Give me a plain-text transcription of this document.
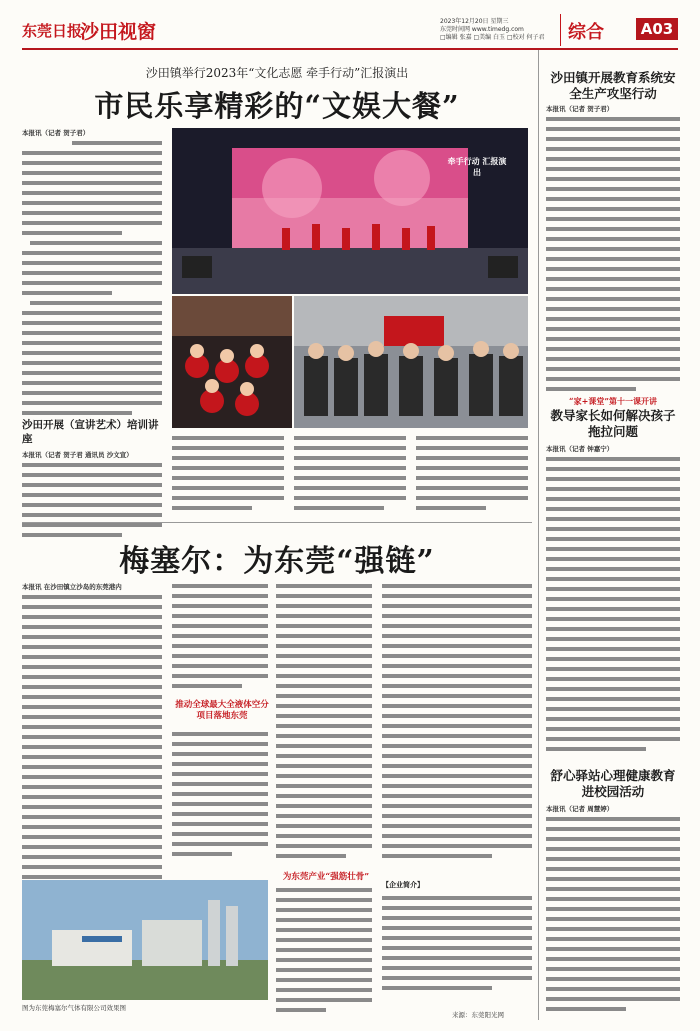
东莞日报
沙田视窗	2023年12月20日 星期三
东莞时间网 www.timedg.com
□编辑 张嘉 □美编 白玉 □校对 何子君 综合	A03
沙田镇举行2023年“文化志愿 牵手行动”汇报演出
市民乐享精彩的“文娱大餐”
本报讯（记者 贺子君）
牵手行动 汇报演出
沙田开展（宣讲艺术）培训讲座
本报讯（记者 贺子君 通讯员 沙文宣）
梅塞尔：为东莞“强链”
本报讯 在沙田镇立沙岛的东莞港内
推动全球最大全液体空分项目落地东莞
为东莞产业“强筋壮骨”
【企业简介】
来源：东莞阳光网
图为东莞梅塞尔气体有限公司效果图
沙田镇开展教育系统安全生产攻坚行动
本报讯（记者 贺子君）
“家+课堂”第十一课开讲
教导家长如何解决孩子拖拉问题
本报讯（记者 钟嘉宁）
舒心驿站心理健康教育进校园活动
本报讯（记者 周慧婷）
